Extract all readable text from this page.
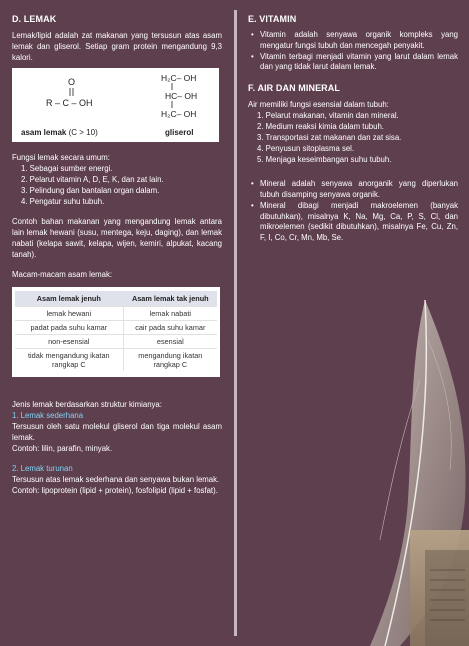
D. LEMAK

Lemak/lipid adalah zat makanan yang tersusun atas asam lemak dan gliserol. Setiap gram protein mengandung 9,3 kalori.

O
R – C – OH
H₂C– OH
HC– OH
H₂C– OH
asam lemak (C > 10)	gliserol

Fungsi lemak secara umum:

1. Sebagai sumber energi.
2. Pelarut vitamin A, D, E, K, dan zat lain.
3. Pelindung dan bantalan organ dalam.
4. Pengatur suhu tubuh.

Contoh bahan makanan yang mengandung lemak antara lain lemak hewani (susu, mentega, keju, daging), dan lemak nabati (kelapa sawit, kelapa, wijen, kemiri, alpukat, kacang tanah).

Macam-macam asam lemak:

Asam lemak jenuh	Asam lemak tak jenuh
lemak hewani	lemak nabati
padat pada suhu kamar	cair pada suhu kamar
non-esensial	esensial
tidak mengandung ikatan rangkap C	mengandung ikatan rangkap C

Jenis lemak berdasarkan struktur kimianya:

1. Lemak sederhana

Tersusun oleh satu molekul gliserol dan tiga molekul asam lemak.

Contoh: lilin, parafin, minyak.

2. Lemak turunan

Tersusun atas lemak sederhana dan senyawa bukan lemak.

Contoh: lipoprotein (lipid + protein), fosfolipid (lipid + fosfat).

E. VITAMIN
• Vitamin adalah senyawa organik kompleks yang mengatur fungsi tubuh dan mencegah penyakit.
• Vitamin terbagi menjadi vitamin yang larut dalam lemak dan yang tidak larut dalam lemak.
F. AIR DAN MINERAL

Air memiliki fungsi esensial dalam tubuh:

1. Pelarut makanan, vitamin dan mineral.
2. Medium reaksi kimia dalam tubuh.
3. Transportasi zat makanan dan zat sisa.
4. Penyusun sitoplasma sel.
5. Menjaga keseimbangan suhu tubuh.
• Mineral adalah senyawa anorganik yang diperlukan tubuh disamping senyawa organik.
• Mineral dibagi menjadi makroelemen (banyak dibutuhkan), misalnya K, Na, Mg, Ca, P, S, Cl, dan mikroelemen (sedikit dibutuhkan), misalnya Fe, Cu, Zn, F, I, Co, Cr, Mn, Mb, Se.
